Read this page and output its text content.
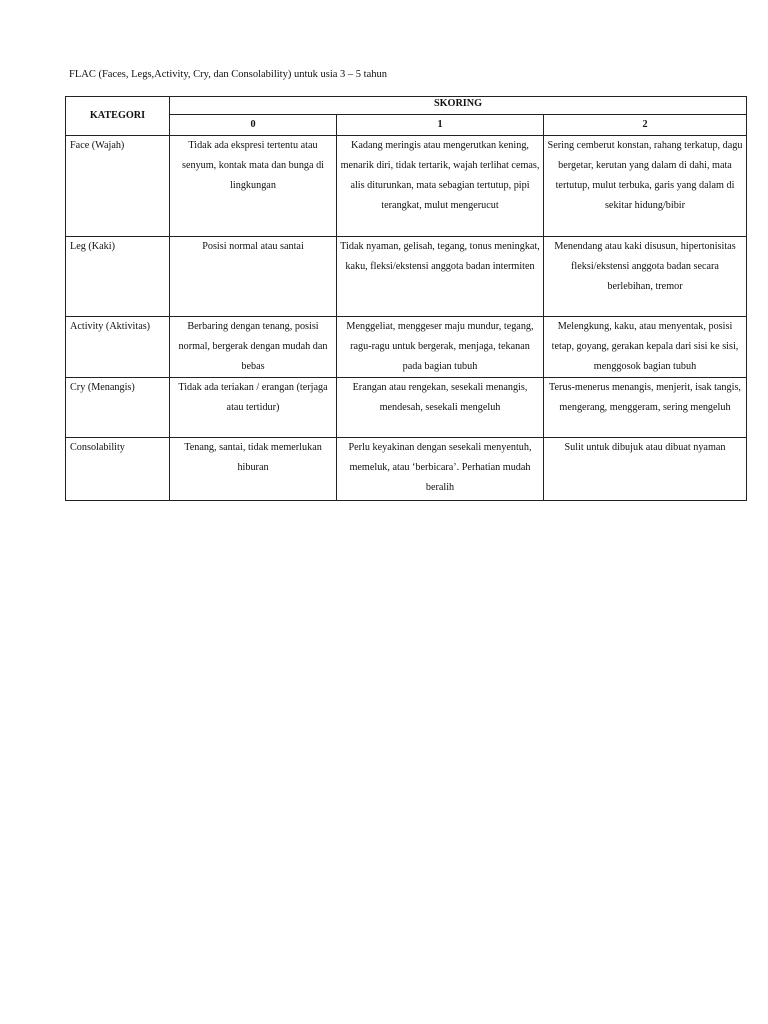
FLAC (Faces, Legs,Activity, Cry, dan Consolability) untuk usia 3 – 5 tahun
KATEGORI	SKORING		
	0	1	2
Face (Wajah)	Tidak ada ekspresi tertentu atau senyum, kontak mata dan bunga di lingkungan	Kadang meringis atau mengerutkan kening, menarik diri, tidak tertarik, wajah terlihat cemas, alis diturunkan, mata sebagian tertutup, pipi terangkat, mulut mengerucut	Sering cemberut konstan, rahang terkatup, dagu bergetar, kerutan yang dalam di dahi, mata tertutup, mulut terbuka, garis yang dalam di sekitar hidung/bibir
Leg (Kaki)	Posisi normal atau santai	Tidak nyaman, gelisah, tegang, tonus meningkat, kaku, fleksi/ekstensi anggota badan intermiten	Menendang atau kaki disusun, hipertonisitas fleksi/ekstensi anggota badan secara berlebihan, tremor
Activity (Aktivitas)	Berbaring dengan tenang, posisi normal, bergerak dengan mudah dan bebas	Menggeliat, menggeser maju mundur, tegang, ragu-ragu untuk bergerak, menjaga, tekanan pada bagian tubuh	Melengkung, kaku, atau menyentak, posisi tetap, goyang, gerakan kepala dari sisi ke sisi, menggosok bagian tubuh
Cry (Menangis)	Tidak ada teriakan / erangan (terjaga atau tertidur)	Erangan atau rengekan, sesekali menangis, mendesah, sesekali mengeluh	Terus-menerus menangis, menjerit, isak tangis, mengerang, menggeram, sering mengeluh
Consolability	Tenang, santai, tidak memerlukan hiburan	Perlu keyakinan dengan sesekali menyentuh, memeluk, atau ‘berbicara’. Perhatian mudah beralih	Sulit untuk dibujuk atau dibuat nyaman
